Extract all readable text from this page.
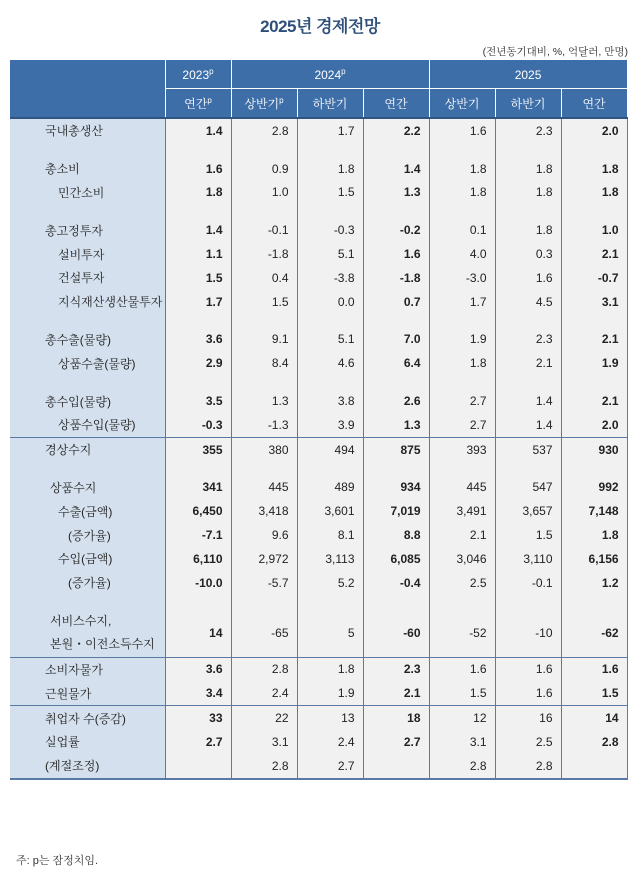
2025년 경제전망
(전년동기대비, %, 억달러, 만명)
	2023$^p$	2024$^p$			2025		
	연간$^p$	상반기$^p$	하반기	연간	상반기	하반기	연간
국내총생산	1.4	2.8	1.7	2.2	1.6	2.3	2.0

총소비	1.6	0.9	1.8	1.4	1.8	1.8	1.8
민간소비	1.8	1.0	1.5	1.3	1.8	1.8	1.8

총고정투자	1.4	-0.1	-0.3	-0.2	0.1	1.8	1.0
설비투자	1.1	-1.8	5.1	1.6	4.0	0.3	2.1
건설투자	1.5	0.4	-3.8	-1.8	-3.0	1.6	-0.7
지식재산생산물투자	1.7	1.5	0.0	0.7	1.7	4.5	3.1

총수출(물량)	3.6	9.1	5.1	7.0	1.9	2.3	2.1
상품수출(물량)	2.9	8.4	4.6	6.4	1.8	2.1	1.9

총수입(물량)	3.5	1.3	3.8	2.6	2.7	1.4	2.1
상품수입(물량)	-0.3	-1.3	3.9	1.3	2.7	1.4	2.0
경상수지	355	380	494	875	393	537	930

상품수지	341	445	489	934	445	547	992
수출(금액)	6,450	3,418	3,601	7,019	3,491	3,657	7,148
(증가율)	-7.1	9.6	8.1	8.8	2.1	1.5	1.8
수입(금액)	6,110	2,972	3,113	6,085	3,046	3,110	6,156
(증가율)	-10.0	-5.7	5.2	-0.4	2.5	-0.1	1.2

서비스수지,
본원・이전소득수지	14	-65	5	-60	-52	-10	-62
소비자물가	3.6	2.8	1.8	2.3	1.6	1.6	1.6
근원물가	3.4	2.4	1.9	2.1	1.5	1.6	1.5
취업자 수(증감)	33	22	13	18	12	16	14
실업률	2.7	3.1	2.4	2.7	3.1	2.5	2.8
(계절조정)		2.8	2.7		2.8	2.8	
주: p는 잠정치임.
